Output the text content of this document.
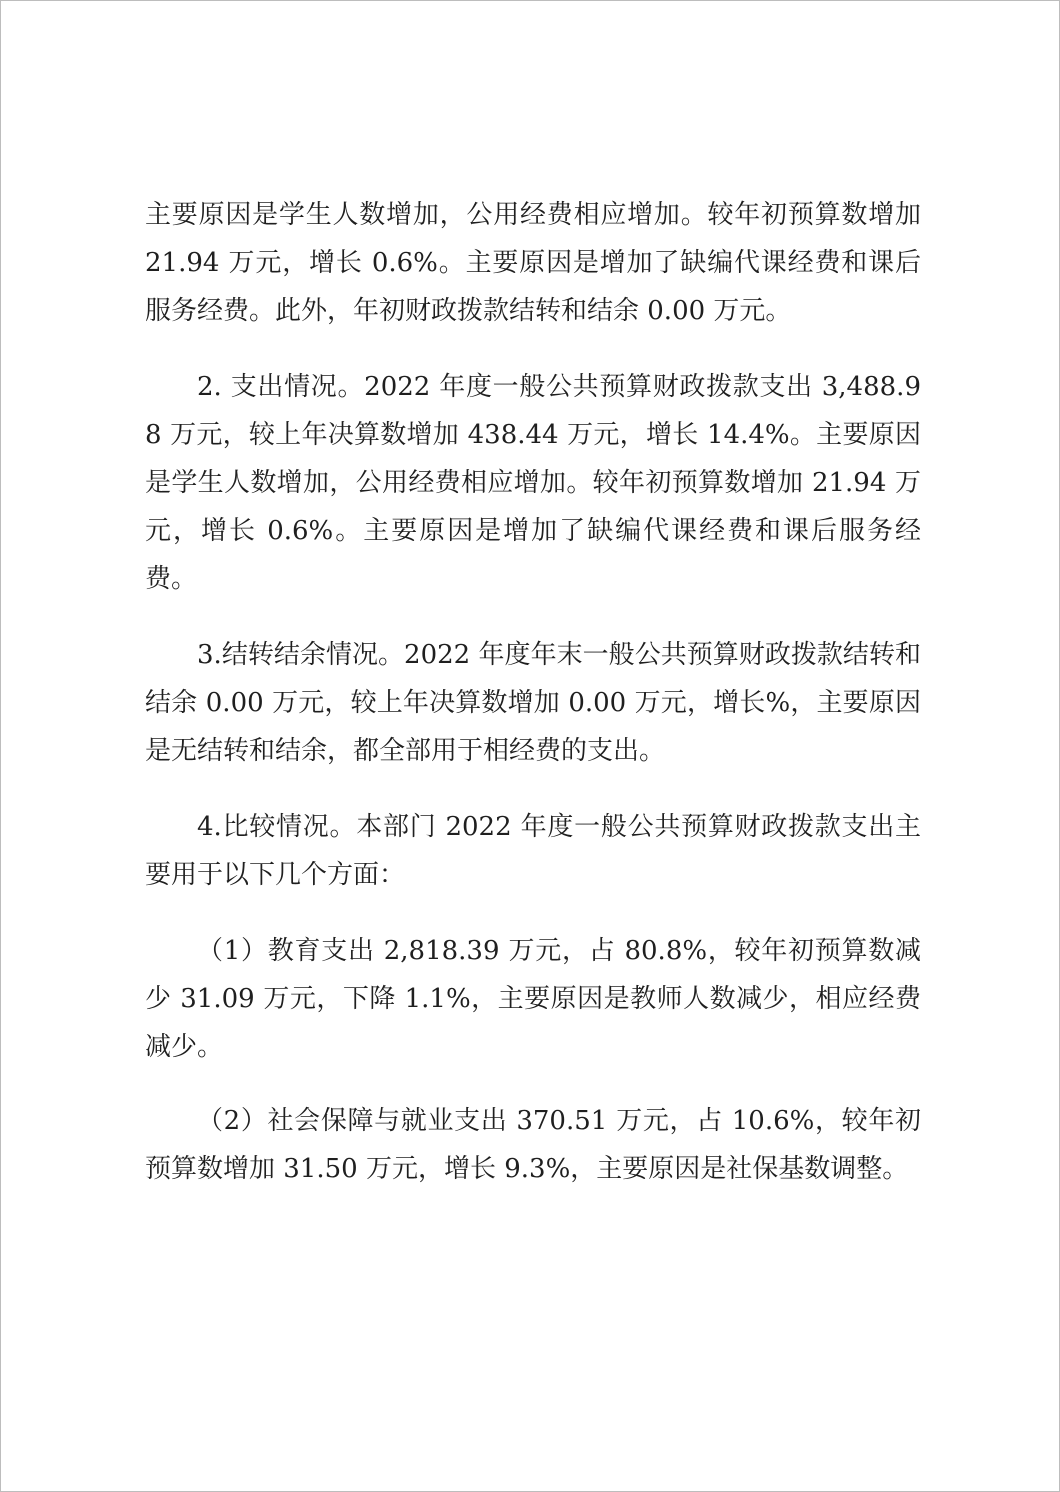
主要原因是学生人数增加，公用经费相应增加。较年初预算数增加 21.94 万元，增长 0.6%。主要原因是增加了缺编代课经费和课后服务经费。此外，年初财政拨款结转和结余 0.00 万元。

2. 支出情况。2022 年度一般公共预算财政拨款支出 3,488.98 万元，较上年决算数增加 438.44 万元，增长 14.4%。主要原因是学生人数增加，公用经费相应增加。较年初预算数增加 21.94 万元，增长 0.6%。主要原因是增加了缺编代课经费和课后服务经费。

3.结转结余情况。2022 年度年末一般公共预算财政拨款结转和结余 0.00 万元，较上年决算数增加 0.00 万元，增长%，主要原因是无结转和结余，都全部用于相经费的支出。

4.比较情况。本部门 2022 年度一般公共预算财政拨款支出主要用于以下几个方面：

（1）教育支出 2,818.39 万元，占 80.8%，较年初预算数减少 31.09 万元，下降 1.1%，主要原因是教师人数减少，相应经费减少。

（2）社会保障与就业支出 370.51 万元，占 10.6%，较年初预算数增加 31.50 万元，增长 9.3%，主要原因是社保基数调整。
